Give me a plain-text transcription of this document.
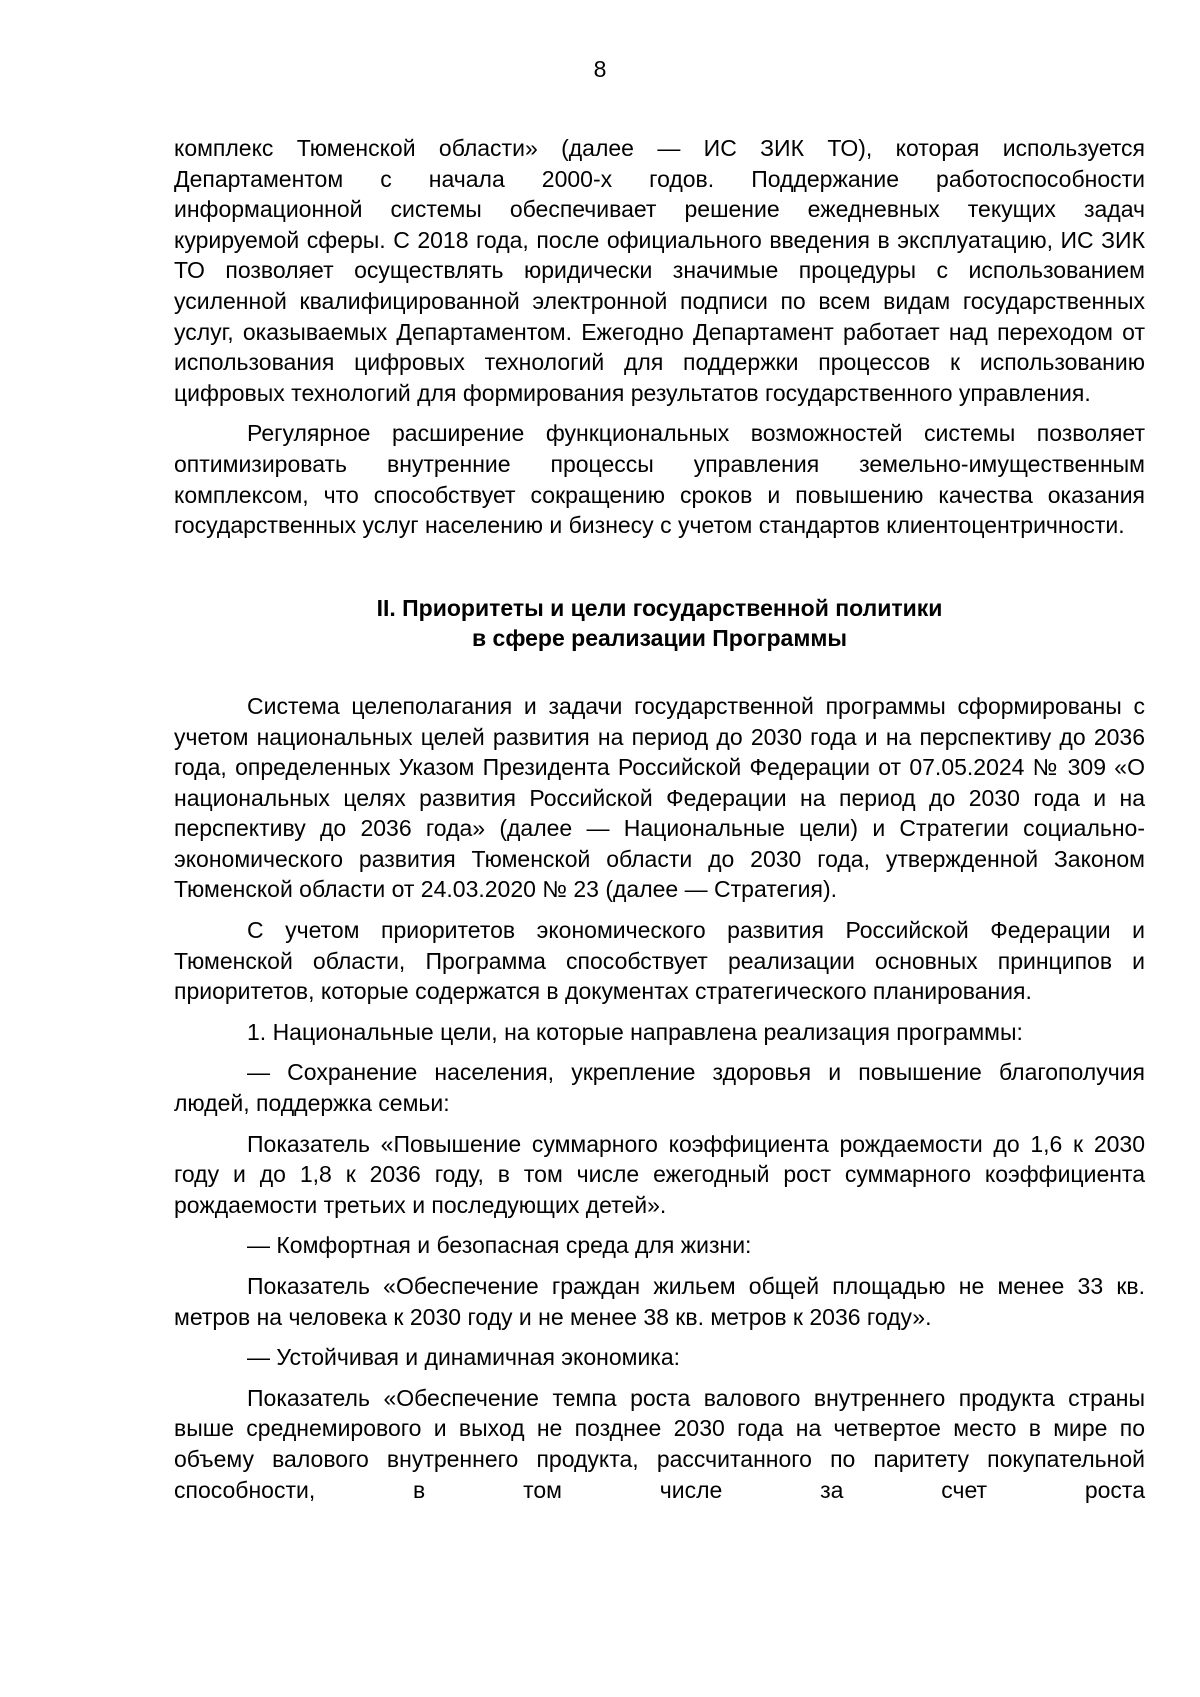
8

комплекс Тюменской области» (далее — ИС ЗИК ТО), которая используется Департаментом с начала 2000-х годов. Поддержание работоспособности информационной системы обеспечивает решение ежедневных текущих задач курируемой сферы. С 2018 года, после официального введения в эксплуатацию, ИС ЗИК ТО позволяет осуществлять юридически значимые процедуры с использованием усиленной квалифицированной электронной подписи по всем видам государственных услуг, оказываемых Департаментом. Ежегодно Департамент работает над переходом от использования цифровых технологий для поддержки процессов к использованию цифровых технологий для формирования результатов государственного управления.

Регулярное расширение функциональных возможностей системы позволяет оптимизировать внутренние процессы управления земельно-имущественным комплексом, что способствует сокращению сроков и повышению качества оказания государственных услуг населению и бизнесу с учетом стандартов клиентоцентричности.

II. Приоритеты и цели государственной политики
в сфере реализации Программы

Система целеполагания и задачи государственной программы сформированы с учетом национальных целей развития на период до 2030 года и на перспективу до 2036 года, определенных Указом Президента Российской Федерации от 07.05.2024 № 309 «О национальных целях развития Российской Федерации на период до 2030 года и на перспективу до 2036 года» (далее — Национальные цели) и Стратегии социально-экономического развития Тюменской области до 2030 года, утвержденной Законом Тюменской области от 24.03.2020 № 23 (далее — Стратегия).

С учетом приоритетов экономического развития Российской Федерации и Тюменской области, Программа способствует реализации основных принципов и приоритетов, которые содержатся в документах стратегического планирования.

1. Национальные цели, на которые направлена реализация программы:

— Сохранение населения, укрепление здоровья и повышение благополучия людей, поддержка семьи:

Показатель «Повышение суммарного коэффициента рождаемости до 1,6 к 2030 году и до 1,8 к 2036 году, в том числе ежегодный рост суммарного коэффициента рождаемости третьих и последующих детей».

— Комфортная и безопасная среда для жизни:

Показатель «Обеспечение граждан жильем общей площадью не менее 33 кв. метров на человека к 2030 году и не менее 38 кв. метров к 2036 году».

— Устойчивая и динамичная экономика:

Показатель «Обеспечение темпа роста валового внутреннего продукта страны выше среднемирового и выход не позднее 2030 года на четвертое место в мире по объему валового внутреннего продукта, рассчитанного по паритету покупательной способности, в том числе за счет роста
